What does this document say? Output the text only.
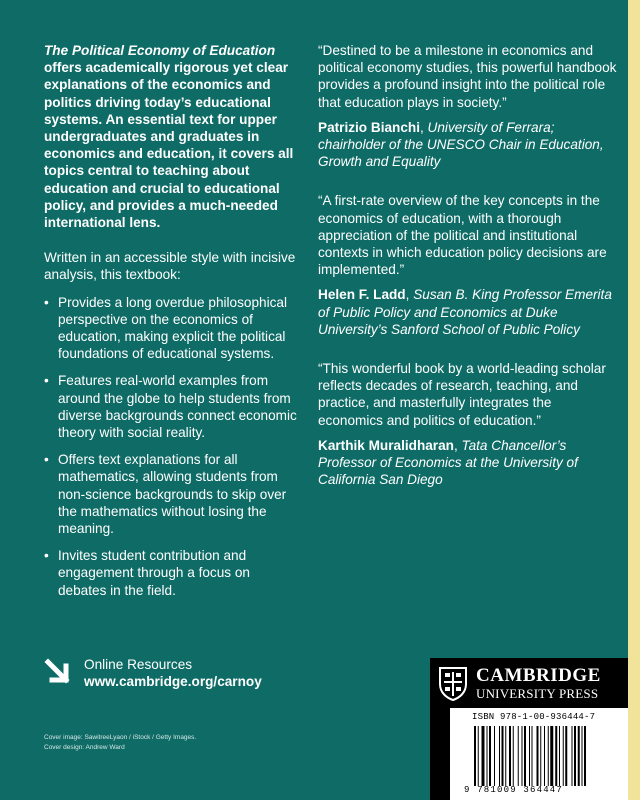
The Political Economy of Education offers academically rigorous yet clear explanations of the economics and politics driving today’s educational systems. An essential text for upper undergraduates and graduates in economics and education, it covers all topics central to teaching about education and crucial to educational policy, and provides a much-needed international lens.

Written in an accessible style with incisive analysis, this textbook:

• Provides a long overdue philosophical perspective on the economics of education, making explicit the political foundations of educational systems.
• Features real-world examples from around the globe to help students from diverse backgrounds connect economic theory with social reality.
• Offers text explanations for all mathematics, allowing students from non-science backgrounds to skip over the mathematics without losing the meaning.
• Invites student contribution and engagement through a focus on debates in the field.

“Destined to be a milestone in economics and political economy studies, this powerful handbook provides a profound insight into the political role that education plays in society.”

Patrizio Bianchi, University of Ferrara; chairholder of the UNESCO Chair in Education, Growth and Equality

“A first-rate overview of the key concepts in the economics of education, with a thorough appreciation of the political and institutional contexts in which education policy decisions are implemented.”

Helen F. Ladd, Susan B. King Professor Emerita of Public Policy and Economics at Duke University’s Sanford School of Public Policy

“This wonderful book by a world-leading scholar reflects decades of research, teaching, and practice, and masterfully integrates the economics and politics of education.”

Karthik Muralidharan, Tata Chancellor’s Professor of Economics at the University of California San Diego

Online Resources
www.cambridge.org/carnoy
Cover image: SawitreeLyaon / iStock / Getty Images.
Cover design: Andrew Ward
CAMBRIDGE
UNIVERSITY PRESS
ISBN 978-1-00-936444-7
9 781009 364447
